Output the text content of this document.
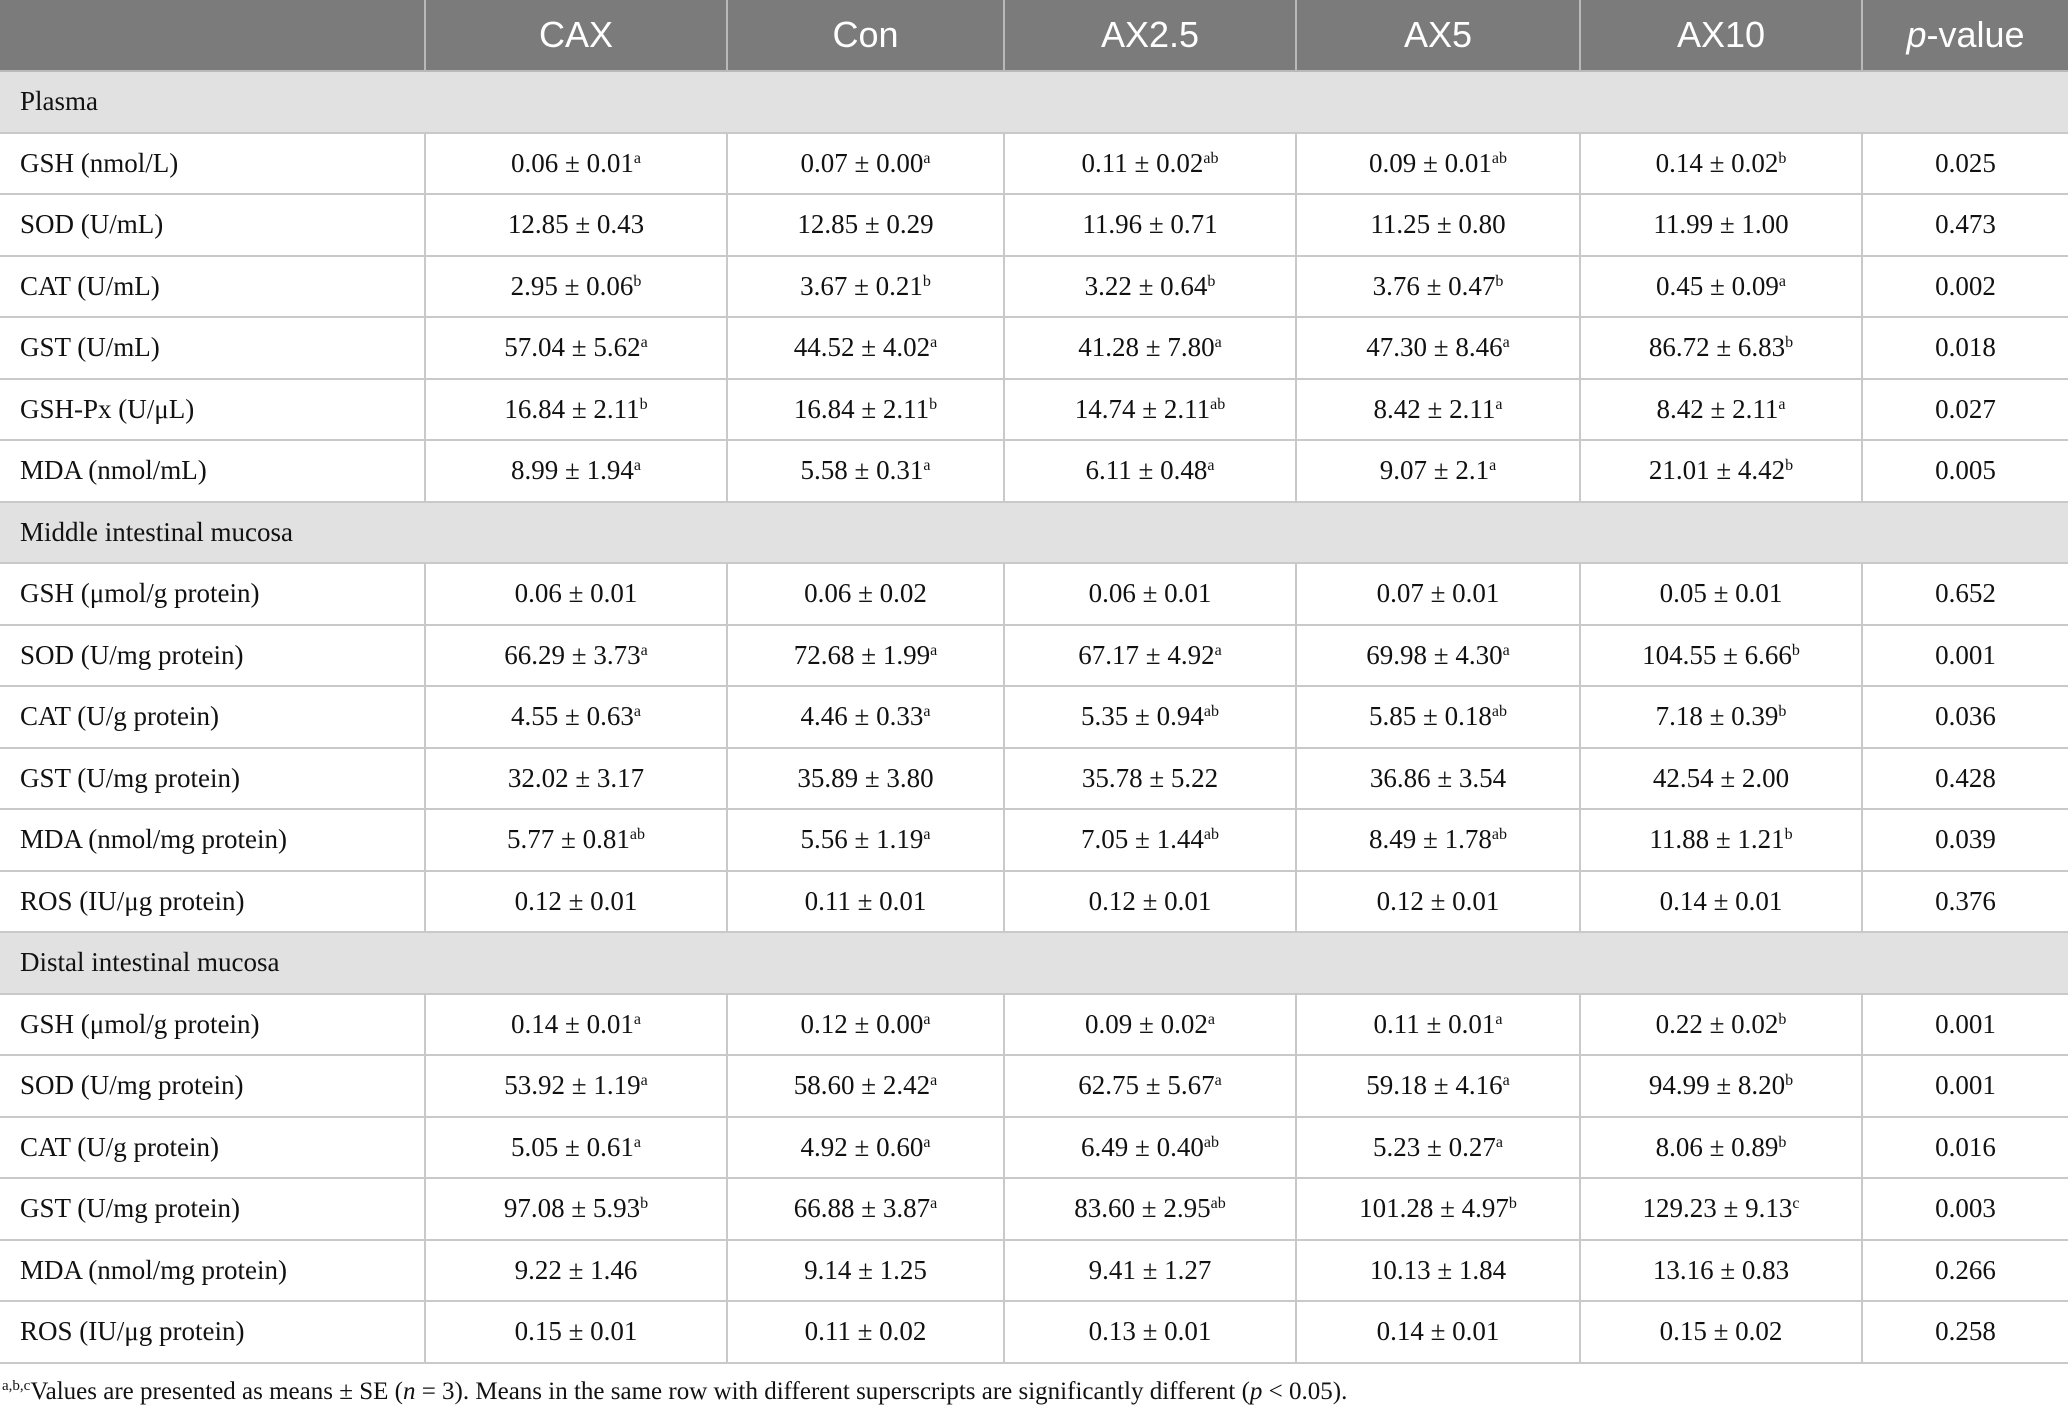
	CAX	Con	AX2.5	AX5	AX10	p-value
Plasma						
GSH (nmol/L)	0.06 ± 0.01$^a$	0.07 ± 0.00$^a$	0.11 ± 0.02$^{ab}$	0.09 ± 0.01$^{ab}$	0.14 ± 0.02$^b$	0.025
SOD (U/mL)	12.85 ± 0.43	12.85 ± 0.29	11.96 ± 0.71	11.25 ± 0.80	11.99 ± 1.00	0.473
CAT (U/mL)	2.95 ± 0.06$^b$	3.67 ± 0.21$^b$	3.22 ± 0.64$^b$	3.76 ± 0.47$^b$	0.45 ± 0.09$^a$	0.002
GST (U/mL)	57.04 ± 5.62$^a$	44.52 ± 4.02$^a$	41.28 ± 7.80$^a$	47.30 ± 8.46$^a$	86.72 ± 6.83$^b$	0.018
GSH-Px (U/μL)	16.84 ± 2.11$^b$	16.84 ± 2.11$^b$	14.74 ± 2.11$^{ab}$	8.42 ± 2.11$^a$	8.42 ± 2.11$^a$	0.027
MDA (nmol/mL)	8.99 ± 1.94$^a$	5.58 ± 0.31$^a$	6.11 ± 0.48$^a$	9.07 ± 2.1$^a$	21.01 ± 4.42$^b$	0.005
Middle intestinal mucosa						
GSH (μmol/g protein)	0.06 ± 0.01	0.06 ± 0.02	0.06 ± 0.01	0.07 ± 0.01	0.05 ± 0.01	0.652
SOD (U/mg protein)	66.29 ± 3.73$^a$	72.68 ± 1.99$^a$	67.17 ± 4.92$^a$	69.98 ± 4.30$^a$	104.55 ± 6.66$^b$	0.001
CAT (U/g protein)	4.55 ± 0.63$^a$	4.46 ± 0.33$^a$	5.35 ± 0.94$^{ab}$	5.85 ± 0.18$^{ab}$	7.18 ± 0.39$^b$	0.036
GST (U/mg protein)	32.02 ± 3.17	35.89 ± 3.80	35.78 ± 5.22	36.86 ± 3.54	42.54 ± 2.00	0.428
MDA (nmol/mg protein)	5.77 ± 0.81$^{ab}$	5.56 ± 1.19$^a$	7.05 ± 1.44$^{ab}$	8.49 ± 1.78$^{ab}$	11.88 ± 1.21$^b$	0.039
ROS (IU/μg protein)	0.12 ± 0.01	0.11 ± 0.01	0.12 ± 0.01	0.12 ± 0.01	0.14 ± 0.01	0.376
Distal intestinal mucosa						
GSH (μmol/g protein)	0.14 ± 0.01$^a$	0.12 ± 0.00$^a$	0.09 ± 0.02$^a$	0.11 ± 0.01$^a$	0.22 ± 0.02$^b$	0.001
SOD (U/mg protein)	53.92 ± 1.19$^a$	58.60 ± 2.42$^a$	62.75 ± 5.67$^a$	59.18 ± 4.16$^a$	94.99 ± 8.20$^b$	0.001
CAT (U/g protein)	5.05 ± 0.61$^a$	4.92 ± 0.60$^a$	6.49 ± 0.40$^{ab}$	5.23 ± 0.27$^a$	8.06 ± 0.89$^b$	0.016
GST (U/mg protein)	97.08 ± 5.93$^b$	66.88 ± 3.87$^a$	83.60 ± 2.95$^{ab}$	101.28 ± 4.97$^b$	129.23 ± 9.13$^c$	0.003
MDA (nmol/mg protein)	9.22 ± 1.46	9.14 ± 1.25	9.41 ± 1.27	10.13 ± 1.84	13.16 ± 0.83	0.266
ROS (IU/μg protein)	0.15 ± 0.01	0.11 ± 0.02	0.13 ± 0.01	0.14 ± 0.01	0.15 ± 0.02	0.258
$^{a,b,c}$Values are presented as means ± SE (n = 3). Means in the same row with different superscripts are significantly different (p < 0.05).
